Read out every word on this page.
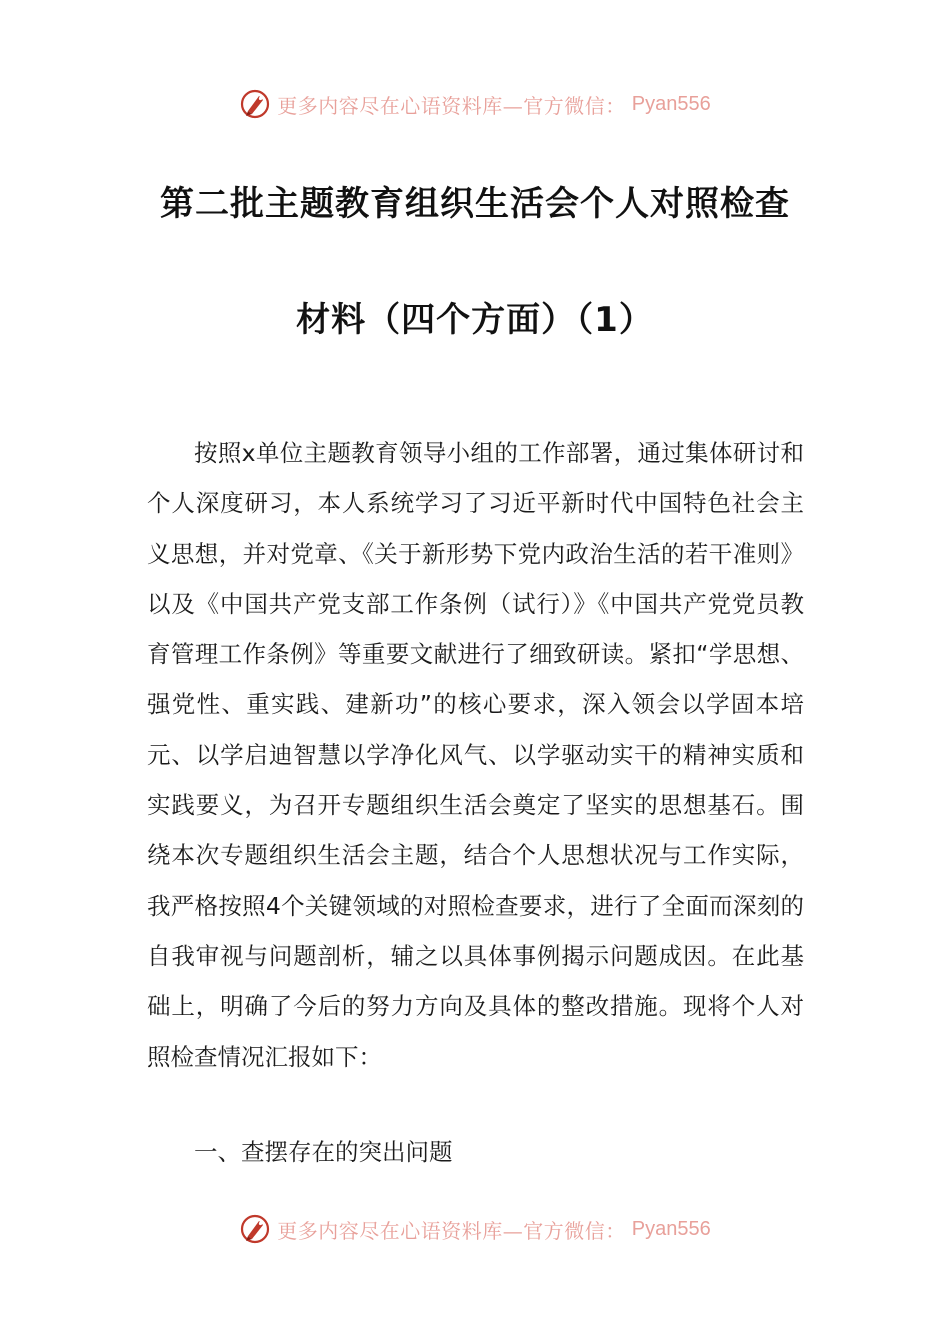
更多内容尽在心语资料库—官方微信： Pyan556
第二批主题教育组织生活会个人对照检查
材料（四个方面）（1）

按照x单位主题教育领导小组的工作部署，通过集体研讨和个人深度研习，本人系统学习了习近平新时代中国特色社会主义思想，并对党章、《关于新形势下党内政治生活的若干准则》以及《中国共产党支部工作条例（试行）》《中国共产党党员教育管理工作条例》等重要文献进行了细致研读。紧扣“学思想、强党性、重实践、建新功”的核心要求，深入领会以学固本培元、以学启迪智慧以学净化风气、以学驱动实干的精神实质和实践要义，为召开专题组织生活会奠定了坚实的思想基石。围绕本次专题组织生活会主题，结合个人思想状况与工作实际，我严格按照4个关键领域的对照检查要求，进行了全面而深刻的自我审视与问题剖析，辅之以具体事例揭示问题成因。在此基础上，明确了今后的努力方向及具体的整改措施。现将个人对照检查情况汇报如下：

一、查摆存在的突出问题
更多内容尽在心语资料库—官方微信： Pyan556
